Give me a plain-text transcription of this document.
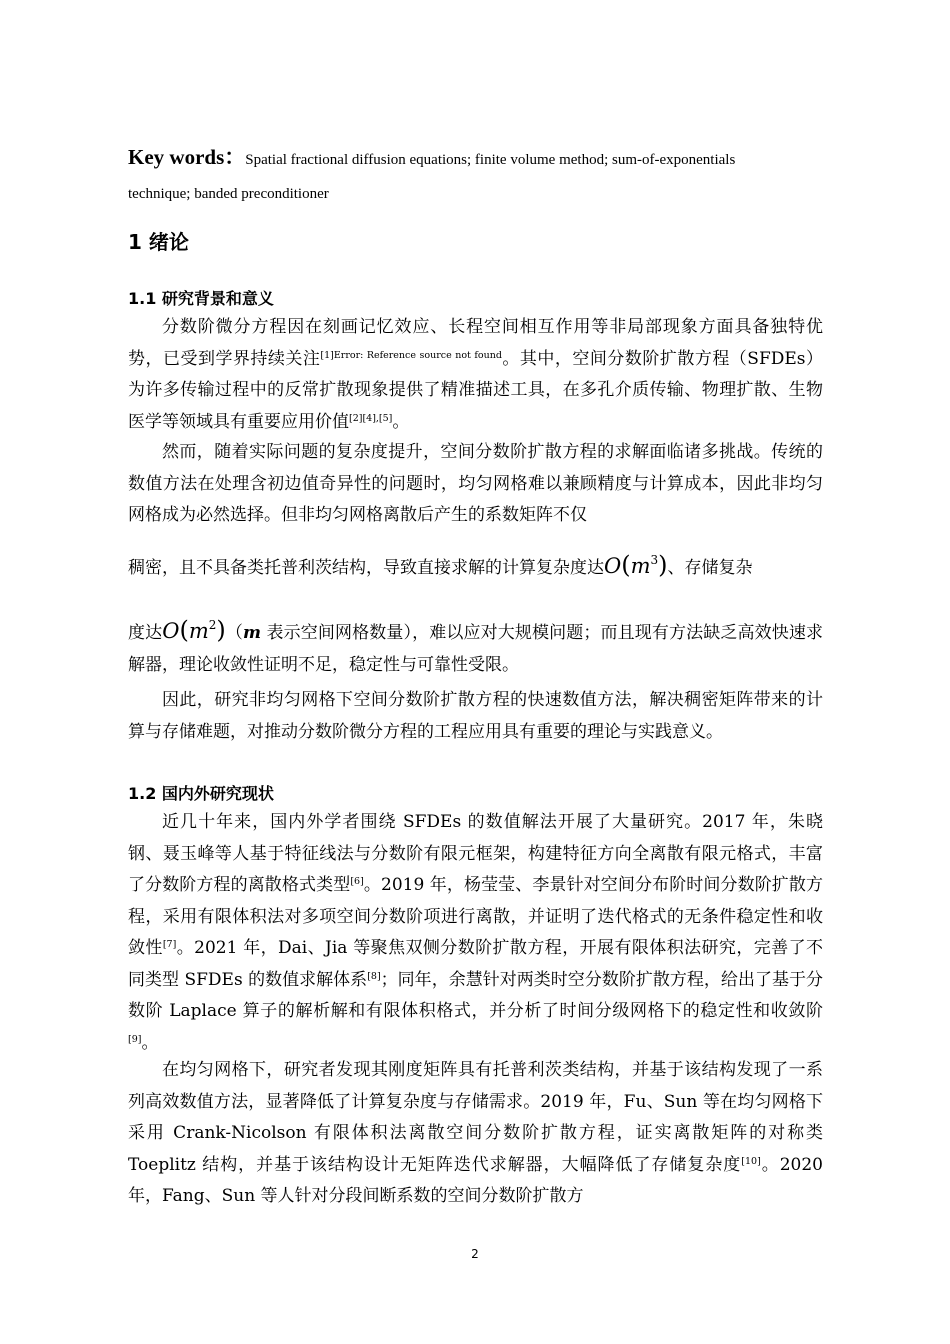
Key words：Spatial fractional diffusion equations; finite volume method; sum-of-exponentials
technique; banded preconditioner
1 绪论
1.1 研究背景和意义
分数阶微分方程因在刻画记忆效应、长程空间相互作用等非局部现象方面具备独特优势，已受到学界持续关注$^{[1]Error: Reference source not found}$。其中，空间分数阶扩散方程（SFDEs）为许多传输过程中的反常扩散现象提供了精准描述工具，在多孔介质传输、物理扩散、生物医学等领域具有重要应用价值[2][4],[5]。
然而，随着实际问题的复杂度提升，空间分数阶扩散方程的求解面临诸多挑战。传统的数值方法在处理含初边值奇异性的问题时，均匀网格难以兼顾精度与计算成本，因此非均匀网格成为必然选择。但非均匀网格离散后产生的系数矩阵不仅
稠密，且不具备类托普利茨结构，导致直接求解的计算复杂度达$O(m^3)$、存储复杂
度达$O(m^2)(m$ 表示空间网格数量），难以应对大规模问题；而且现有方法缺乏高效快速求解器，理论收敛性证明不足，稳定性与可靠性受限。
因此，研究非均匀网格下空间分数阶扩散方程的快速数值方法，解决稠密矩阵带来的计算与存储难题，对推动分数阶微分方程的工程应用具有重要的理论与实践意义。
1.2 国内外研究现状
近几十年来，国内外学者围绕 SFDEs 的数值解法开展了大量研究。2017 年，朱晓钢、聂玉峰等人基于特征线法与分数阶有限元框架，构建特征方向全离散有限元格式，丰富了分数阶方程的离散格式类型[6]。2019 年，杨莹莹、李景针对空间分布阶时间分数阶扩散方程，采用有限体积法对多项空间分数阶项进行离散，并证明了迭代格式的无条件稳定性和收敛性[7]。2021 年，Dai、Jia 等聚焦双侧分数阶扩散方程，开展有限体积法研究，完善了不同类型 SFDEs 的数值求解体系[8]；同年，余慧针对两类时空分数阶扩散方程，给出了基于分数阶 Laplace 算子的解析解和有限体积格式，并分析了时间分级网格下的稳定性和收敛阶[9]。
在均匀网格下，研究者发现其刚度矩阵具有托普利茨类结构，并基于该结构发现了一系列高效数值方法，显著降低了计算复杂度与存储需求。2019 年，Fu、Sun 等在均匀网格下采用 Crank-Nicolson 有限体积法离散空间分数阶扩散方程，证实离散矩阵的对称类 Toeplitz 结构，并基于该结构设计无矩阵迭代求解器，大幅降低了存储复杂度[10]。2020 年，Fang、Sun 等人针对分段间断系数的空间分数阶扩散方
2
